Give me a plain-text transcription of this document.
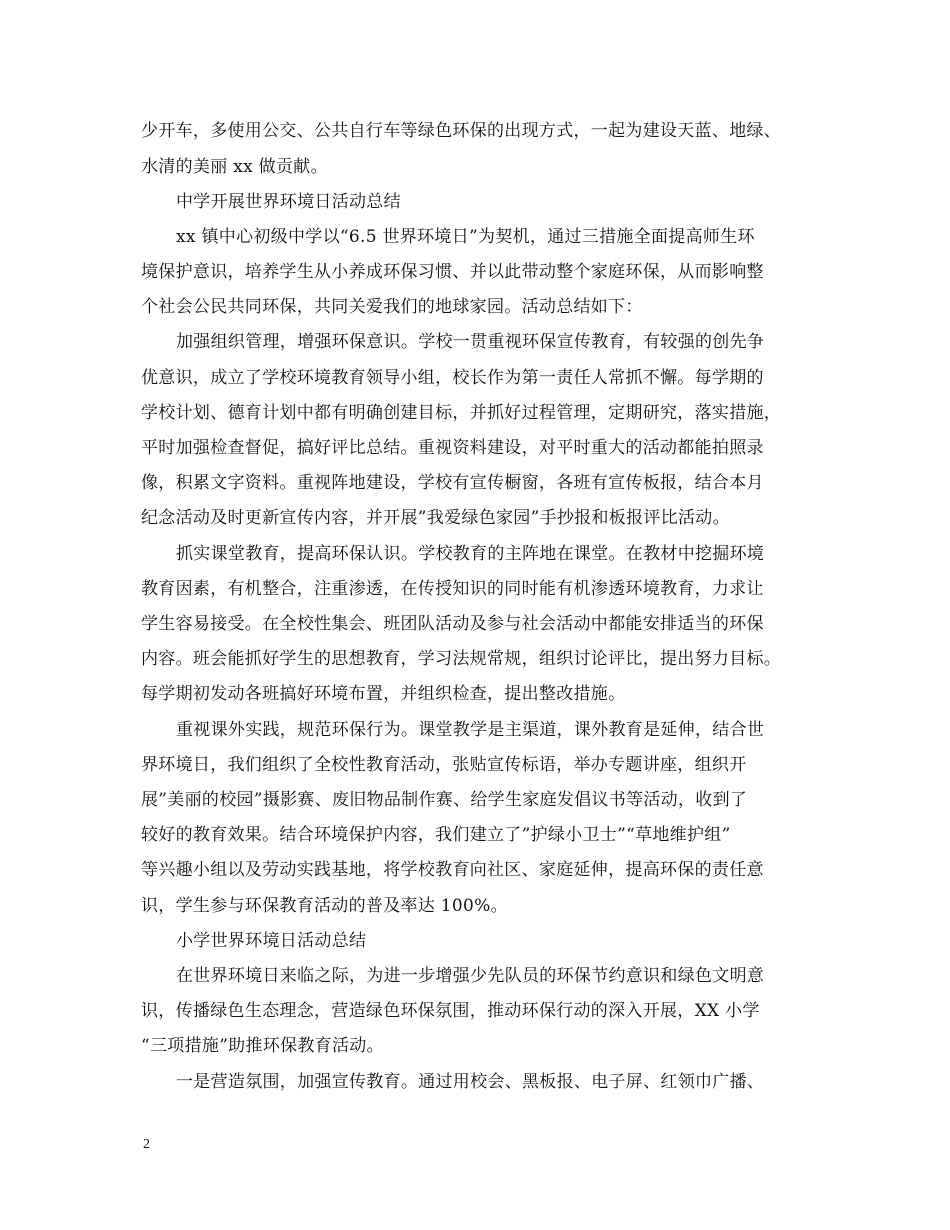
少开车，多使用公交、公共自行车等绿色环保的出现方式，一起为建设天蓝、地绿、
水清的美丽 xx 做贡献。
中学开展世界环境日活动总结
xx 镇中心初级中学以“6.5 世界环境日”为契机，通过三措施全面提高师生环
境保护意识，培养学生从小养成环保习惯、并以此带动整个家庭环保，从而影响整
个社会公民共同环保，共同关爱我们的地球家园。活动总结如下：
加强组织管理，增强环保意识。学校一贯重视环保宣传教育，有较强的创先争
优意识，成立了学校环境教育领导小组，校长作为第一责任人常抓不懈。每学期的
学校计划、德育计划中都有明确创建目标，并抓好过程管理，定期研究，落实措施，
平时加强检查督促，搞好评比总结。重视资料建设，对平时重大的活动都能拍照录
像，积累文字资料。重视阵地建设，学校有宣传橱窗，各班有宣传板报，结合本月
纪念活动及时更新宣传内容，并开展”我爱绿色家园”手抄报和板报评比活动。
抓实课堂教育，提高环保认识。学校教育的主阵地在课堂。在教材中挖掘环境
教育因素，有机整合，注重渗透，在传授知识的同时能有机渗透环境教育，力求让
学生容易接受。在全校性集会、班团队活动及参与社会活动中都能安排适当的环保
内容。班会能抓好学生的思想教育，学习法规常规，组织讨论评比，提出努力目标。
每学期初发动各班搞好环境布置，并组织检查，提出整改措施。
重视课外实践，规范环保行为。课堂教学是主渠道，课外教育是延伸，结合世
界环境日，我们组织了全校性教育活动，张贴宣传标语，举办专题讲座，组织开
展”美丽的校园”摄影赛、废旧物品制作赛、给学生家庭发倡议书等活动，收到了
较好的教育效果。结合环境保护内容，我们建立了”护绿小卫士”“草地维护组”
等兴趣小组以及劳动实践基地，将学校教育向社区、家庭延伸，提高环保的责任意
识，学生参与环保教育活动的普及率达 100%。
小学世界环境日活动总结
在世界环境日来临之际，为进一步增强少先队员的环保节约意识和绿色文明意
识，传播绿色生态理念，营造绿色环保氛围，推动环保行动的深入开展，XX 小学
“三项措施”助推环保教育活动。
一是营造氛围，加强宣传教育。通过用校会、黑板报、电子屏、红领巾广播、
2
